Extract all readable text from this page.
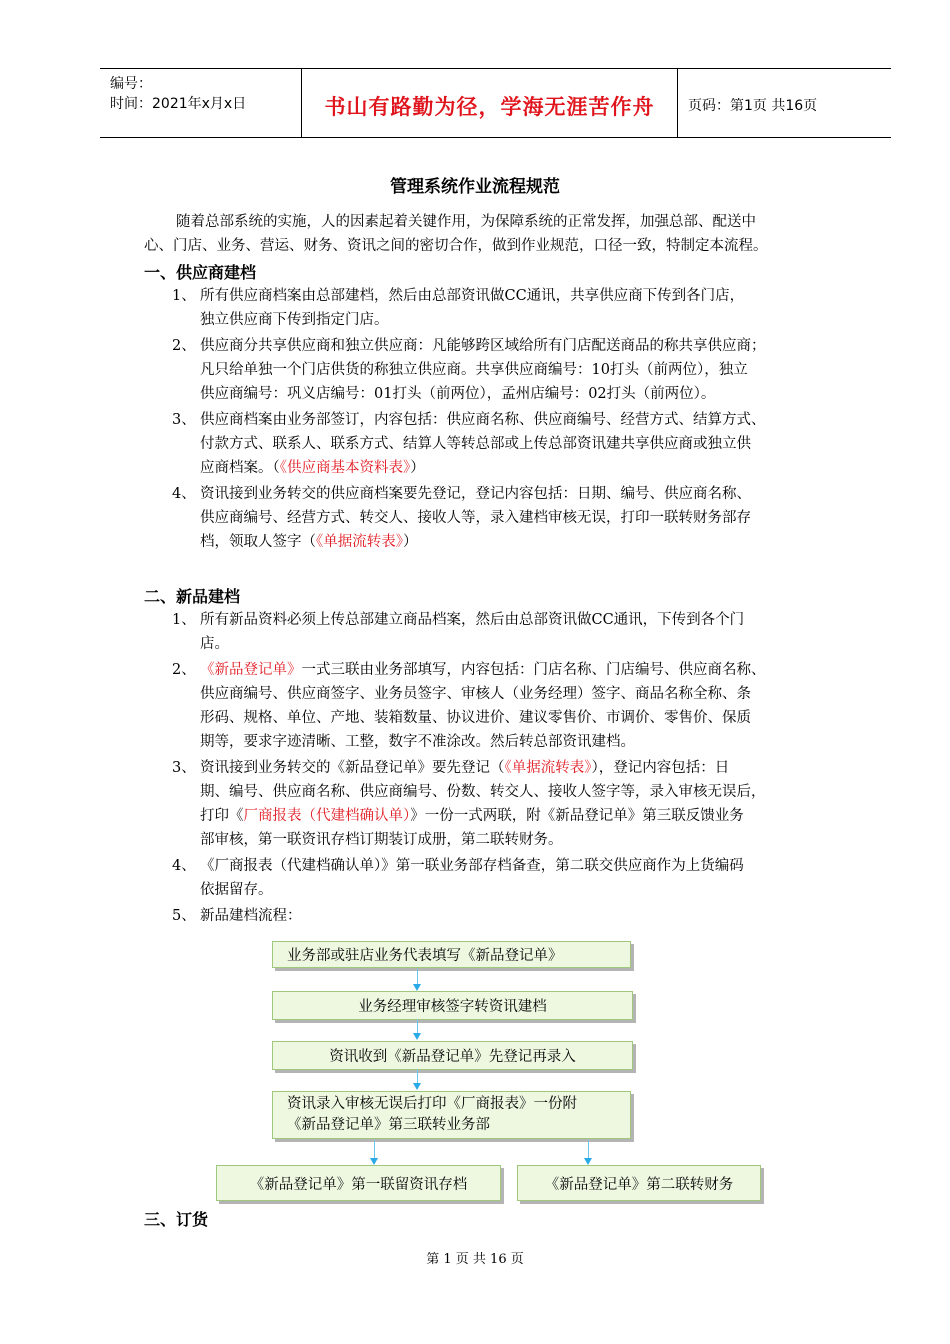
编号：
时间：2021年x月x日	书山有路勤为径，学海无涯苦作舟	页码：第1页 共16页
管理系统作业流程规范
随着总部系统的实施，人的因素起着关键作用，为保障系统的正常发挥，加强总部、配送中
心、门店、业务、营运、财务、资讯之间的密切合作，做到作业规范，口径一致，特制定本流程。
一、供应商建档
1、 所有供应商档案由总部建档，然后由总部资讯做CC通讯，共享供应商下传到各门店，
独立供应商下传到指定门店。
2、 供应商分共享供应商和独立供应商：凡能够跨区域给所有门店配送商品的称共享供应商；
凡只给单独一个门店供货的称独立供应商。共享供应商编号：10打头（前两位），独立
供应商编号：巩义店编号：01打头（前两位），孟州店编号：02打头（前两位）。
3、 供应商档案由业务部签订，内容包括：供应商名称、供应商编号、经营方式、结算方式、
付款方式、联系人、联系方式、结算人等转总部或上传总部资讯建共享供应商或独立供
应商档案。（《供应商基本资料表》）
4、 资讯接到业务转交的供应商档案要先登记，登记内容包括：日期、编号、供应商名称、
供应商编号、经营方式、转交人、接收人等，录入建档审核无误，打印一联转财务部存
档，领取人签字（《单据流转表》）
二、新品建档
1、 所有新品资料必须上传总部建立商品档案，然后由总部资讯做CC通讯，下传到各个门
店。
2、 《新品登记单》一式三联由业务部填写，内容包括：门店名称、门店编号、供应商名称、
供应商编号、供应商签字、业务员签字、审核人（业务经理）签字、商品名称全称、条
形码、规格、单位、产地、装箱数量、协议进价、建议零售价、市调价、零售价、保质
期等，要求字迹清晰、工整，数字不准涂改。然后转总部资讯建档。
3、 资讯接到业务转交的《新品登记单》要先登记（《单据流转表》），登记内容包括：日
期、编号、供应商名称、供应商编号、份数、转交人、接收人签字等，录入审核无误后，
打印《厂商报表（代建档确认单）》一份一式两联，附《新品登记单》第三联反馈业务
部审核，第一联资讯存档订期装订成册，第二联转财务。
4、 《厂商报表（代建档确认单）》第一联业务部存档备查，第二联交供应商作为上货编码
依据留存。
5、 新品建档流程：
业务部或驻店业务代表填写《新品登记单》
业务经理审核签字转资讯建档
资讯收到《新品登记单》先登记再录入
资讯录入审核无误后打印《厂商报表》一份附
《新品登记单》第三联转业务部
《新品登记单》第一联留资讯存档	《新品登记单》第二联转财务
三、订货
第 1 页 共 16 页
